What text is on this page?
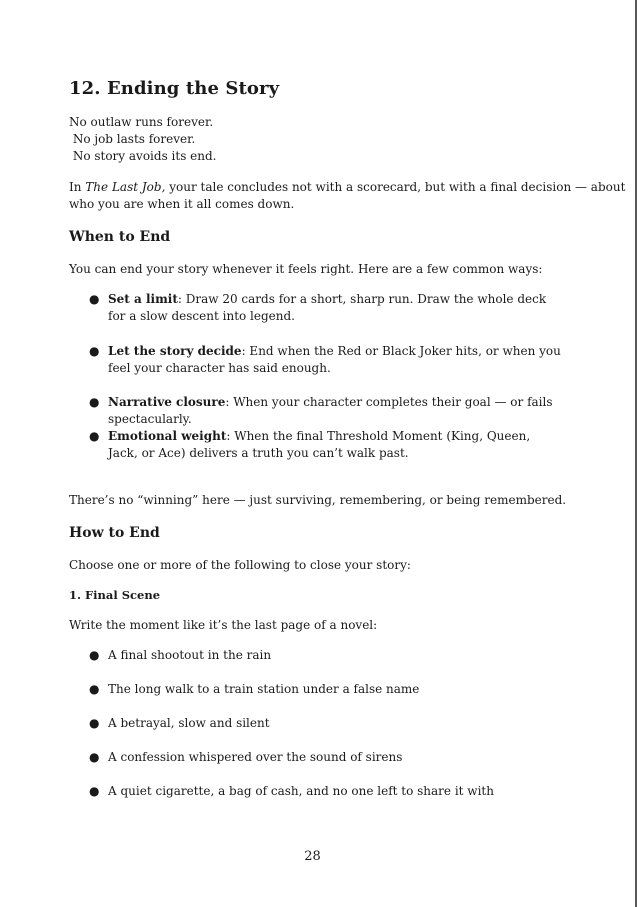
12. Ending the Story
No outlaw runs forever.
No job lasts forever.
No story avoids its end.
In The Last Job, your tale concludes not with a scorecard, but with a final decision — about
who you are when it all comes down.
When to End
You can end your story whenever it feels right. Here are a few common ways:
● Set a limit: Draw 20 cards for a short, sharp run. Draw the whole deck for a slow descent into legend.
● Let the story decide: End when the Red or Black Joker hits, or when you feel your character has said enough.
● Narrative closure: When your character completes their goal — or fails spectacularly.
● Emotional weight: When the final Threshold Moment (King, Queen, Jack, or Ace) delivers a truth you can’t walk past.
There’s no “winning” here — just surviving, remembering, or being remembered.
How to End
Choose one or more of the following to close your story:
1. Final Scene
Write the moment like it’s the last page of a novel:
● A final shootout in the rain
● The long walk to a train station under a false name
● A betrayal, slow and silent
● A confession whispered over the sound of sirens
● A quiet cigarette, a bag of cash, and no one left to share it with
28
